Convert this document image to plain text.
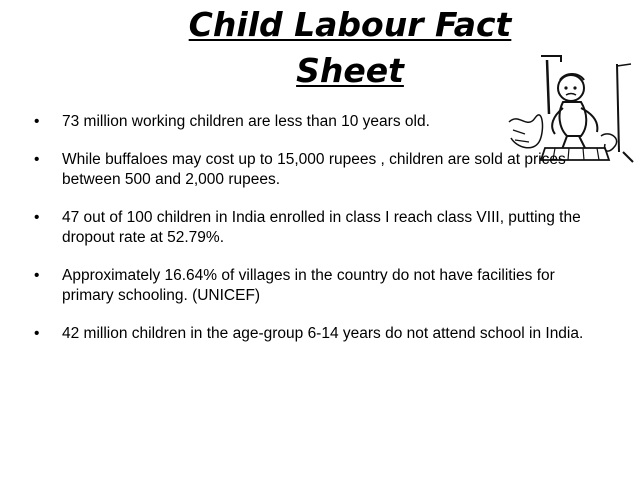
Child Labour Fact
Sheet
• 73 million working children are less than 10 years old.
• While buffaloes may cost up to 15,000 rupees , children are sold at prices between 500 and 2,000 rupees.
• 47 out of 100 children in India enrolled in class I reach class VIII, putting the dropout rate at 52.79%.
• Approximately 16.64% of villages in the country do not have facilities for primary schooling. (UNICEF)
• 42 million children in the age-group 6-14 years do not attend school in India.
